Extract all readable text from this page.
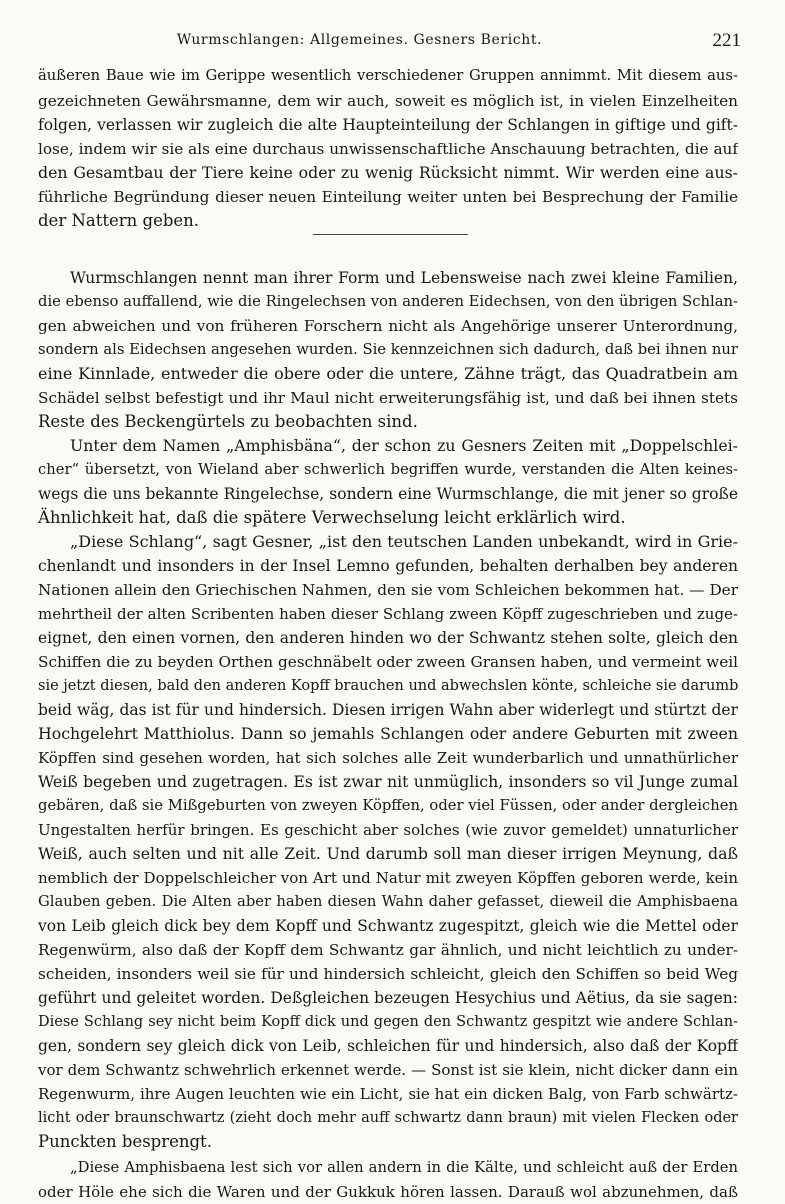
Wurmschlangen: Allgemeines. Gesners Bericht.	221
äußeren Baue wie im Gerippe wesentlich verschiedener Gruppen annimmt. Mit diesem aus-
gezeichneten Gewährsmanne, dem wir auch, soweit es möglich ist, in vielen Einzelheiten
folgen, verlassen wir zugleich die alte Haupteinteilung der Schlangen in giftige und gift-
lose, indem wir sie als eine durchaus unwissenschaftliche Anschauung betrachten, die auf
den Gesamtbau der Tiere keine oder zu wenig Rücksicht nimmt. Wir werden eine aus-
führliche Begründung dieser neuen Einteilung weiter unten bei Besprechung der Familie
der Nattern geben.
Wurmschlangen nennt man ihrer Form und Lebensweise nach zwei kleine Familien,
die ebenso auffallend, wie die Ringelechsen von anderen Eidechsen, von den übrigen Schlan-
gen abweichen und von früheren Forschern nicht als Angehörige unserer Unterordnung,
sondern als Eidechsen angesehen wurden. Sie kennzeichnen sich dadurch, daß bei ihnen nur
eine Kinnlade, entweder die obere oder die untere, Zähne trägt, das Quadratbein am
Schädel selbst befestigt und ihr Maul nicht erweiterungsfähig ist, und daß bei ihnen stets
Reste des Beckengürtels zu beobachten sind.
Unter dem Namen „Amphisbäna“, der schon zu Gesners Zeiten mit „Doppelschlei-
cher“ übersetzt, von Wieland aber schwerlich begriffen wurde, verstanden die Alten keines-
wegs die uns bekannte Ringelechse, sondern eine Wurmschlange, die mit jener so große
Ähnlichkeit hat, daß die spätere Verwechselung leicht erklärlich wird.
„Diese Schlang“, sagt Gesner, „ist den teutschen Landen unbekandt, wird in Grie-
chenlandt und insonders in der Insel Lemno gefunden, behalten derhalben bey anderen
Nationen allein den Griechischen Nahmen, den sie vom Schleichen bekommen hat. — Der
mehrtheil der alten Scribenten haben dieser Schlang zween Köpff zugeschrieben und zuge-
eignet, den einen vornen, den anderen hinden wo der Schwantz stehen solte, gleich den
Schiffen die zu beyden Orthen geschnäbelt oder zween Gransen haben, und vermeint weil
sie jetzt diesen, bald den anderen Kopff brauchen und abwechslen könte, schleiche sie darumb
beid wäg, das ist für und hindersich. Diesen irrigen Wahn aber widerlegt und stürtzt der
Hochgelehrt Matthiolus. Dann so jemahls Schlangen oder andere Geburten mit zween
Köpffen sind gesehen worden, hat sich solches alle Zeit wunderbarlich und unnathürlicher
Weiß begeben und zugetragen. Es ist zwar nit unmüglich, insonders so vil Junge zumal
gebären, daß sie Mißgeburten von zweyen Köpffen, oder viel Füssen, oder ander dergleichen
Ungestalten herfür bringen. Es geschicht aber solches (wie zuvor gemeldet) unnaturlicher
Weiß, auch selten und nit alle Zeit. Und darumb soll man dieser irrigen Meynung, daß
nemblich der Doppelschleicher von Art und Natur mit zweyen Köpffen geboren werde, kein
Glauben geben. Die Alten aber haben diesen Wahn daher gefasset, dieweil die Amphisbaena
von Leib gleich dick bey dem Kopff und Schwantz zugespitzt, gleich wie die Mettel oder
Regenwürm, also daß der Kopff dem Schwantz gar ähnlich, und nicht leichtlich zu under-
scheiden, insonders weil sie für und hindersich schleicht, gleich den Schiffen so beid Weg
geführt und geleitet worden. Deßgleichen bezeugen Hesychius und Aëtius, da sie sagen:
Diese Schlang sey nicht beim Kopff dick und gegen den Schwantz gespitzt wie andere Schlan-
gen, sondern sey gleich dick von Leib, schleichen für und hindersich, also daß der Kopff
vor dem Schwantz schwehrlich erkennet werde. — Sonst ist sie klein, nicht dicker dann ein
Regenwurm, ihre Augen leuchten wie ein Licht, sie hat ein dicken Balg, von Farb schwärtz-
licht oder braunschwartz (zieht doch mehr auff schwartz dann braun) mit vielen Flecken oder
Punckten besprengt.
„Diese Amphisbaena lest sich vor allen andern in die Kälte, und schleicht auß der Erden
oder Höle ehe sich die Waren und der Gukkuk hören lassen. Darauß wol abzunehmen, daß
